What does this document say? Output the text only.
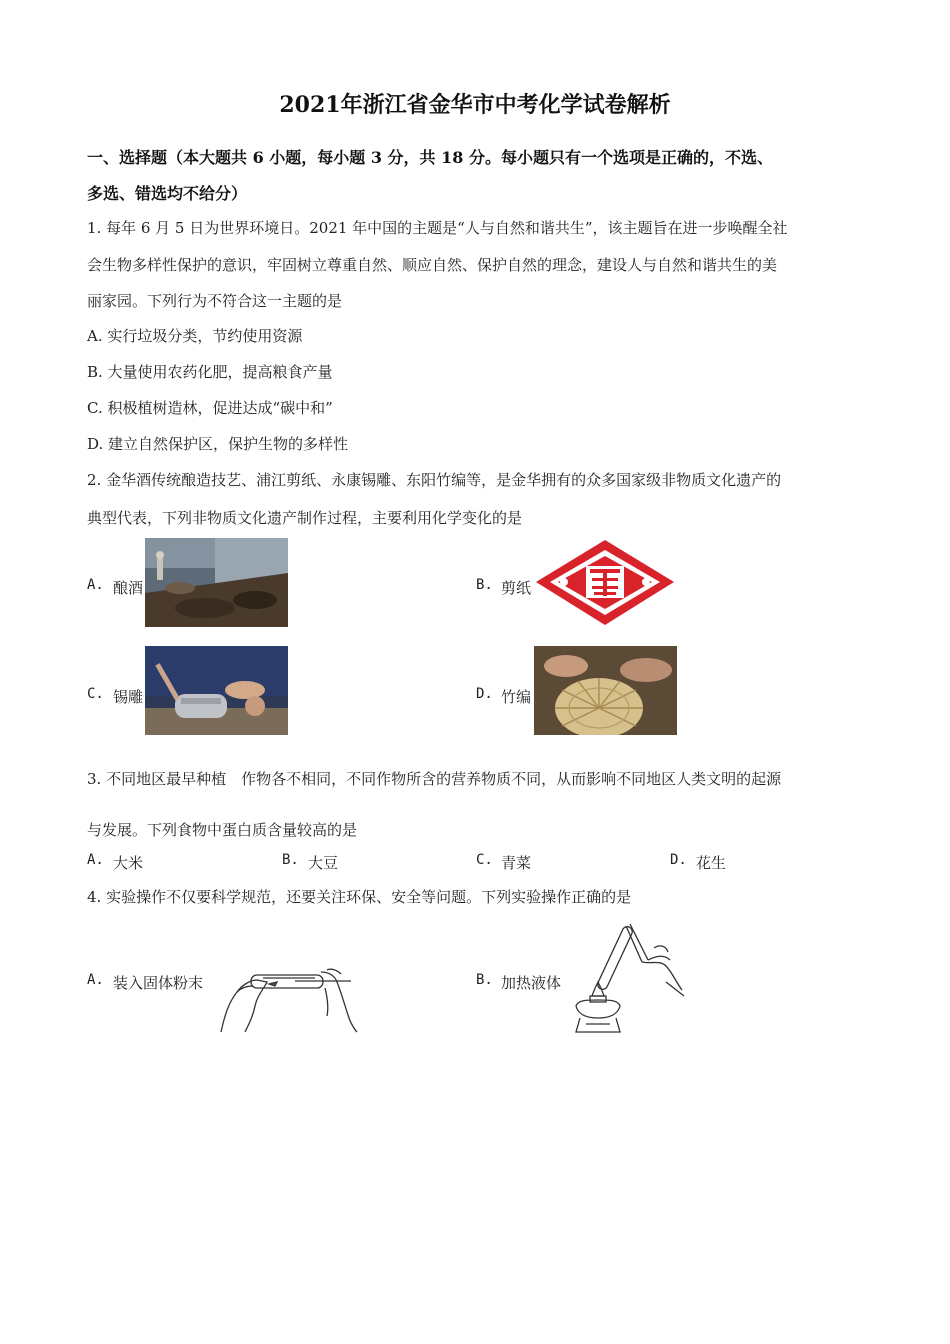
2021年浙江省金华市中考化学试卷解析
一、选择题（本大题共 6 小题，每小题 3 分，共 18 分。每小题只有一个选项是正确的，不选、
多选、错选均不给分）
1. 每年 6 月 5 日为世界环境日。2021 年中国的主题是“人与自然和谐共生”，该主题旨在进一步唤醒全社
会生物多样性保护的意识，牢固树立尊重自然、顺应自然、保护自然的理念，建设人与自然和谐共生的美
丽家园。下列行为不符合这一主题的是
A. 实行垃圾分类，节约使用资源
B. 大量使用农药化肥，提高粮食产量
C. 积极植树造林，促进达成“碳中和”
D. 建立自然保护区，保护生物的多样性
2. 金华酒传统酿造技艺、浦江剪纸、永康锡雕、东阳竹编等，是金华拥有的众多国家级非物质文化遗产的
典型代表，下列非物质文化遗产制作过程，主要利用化学变化的是
A. 酿酒	B. 剪纸
C. 锡雕	D. 竹编
3. 不同地区最早种植　作物各不相同，不同作物所含的营养物质不同，从而影响不同地区人类文明的起源
与发展。下列食物中蛋白质含量较高的是
A. 大米	B. 大豆	C. 青菜	D. 花生
4. 实验操作不仅要科学规范，还要关注环保、安全等问题。下列实验操作正确的是
A. 装入固体粉末	B. 加热液体
